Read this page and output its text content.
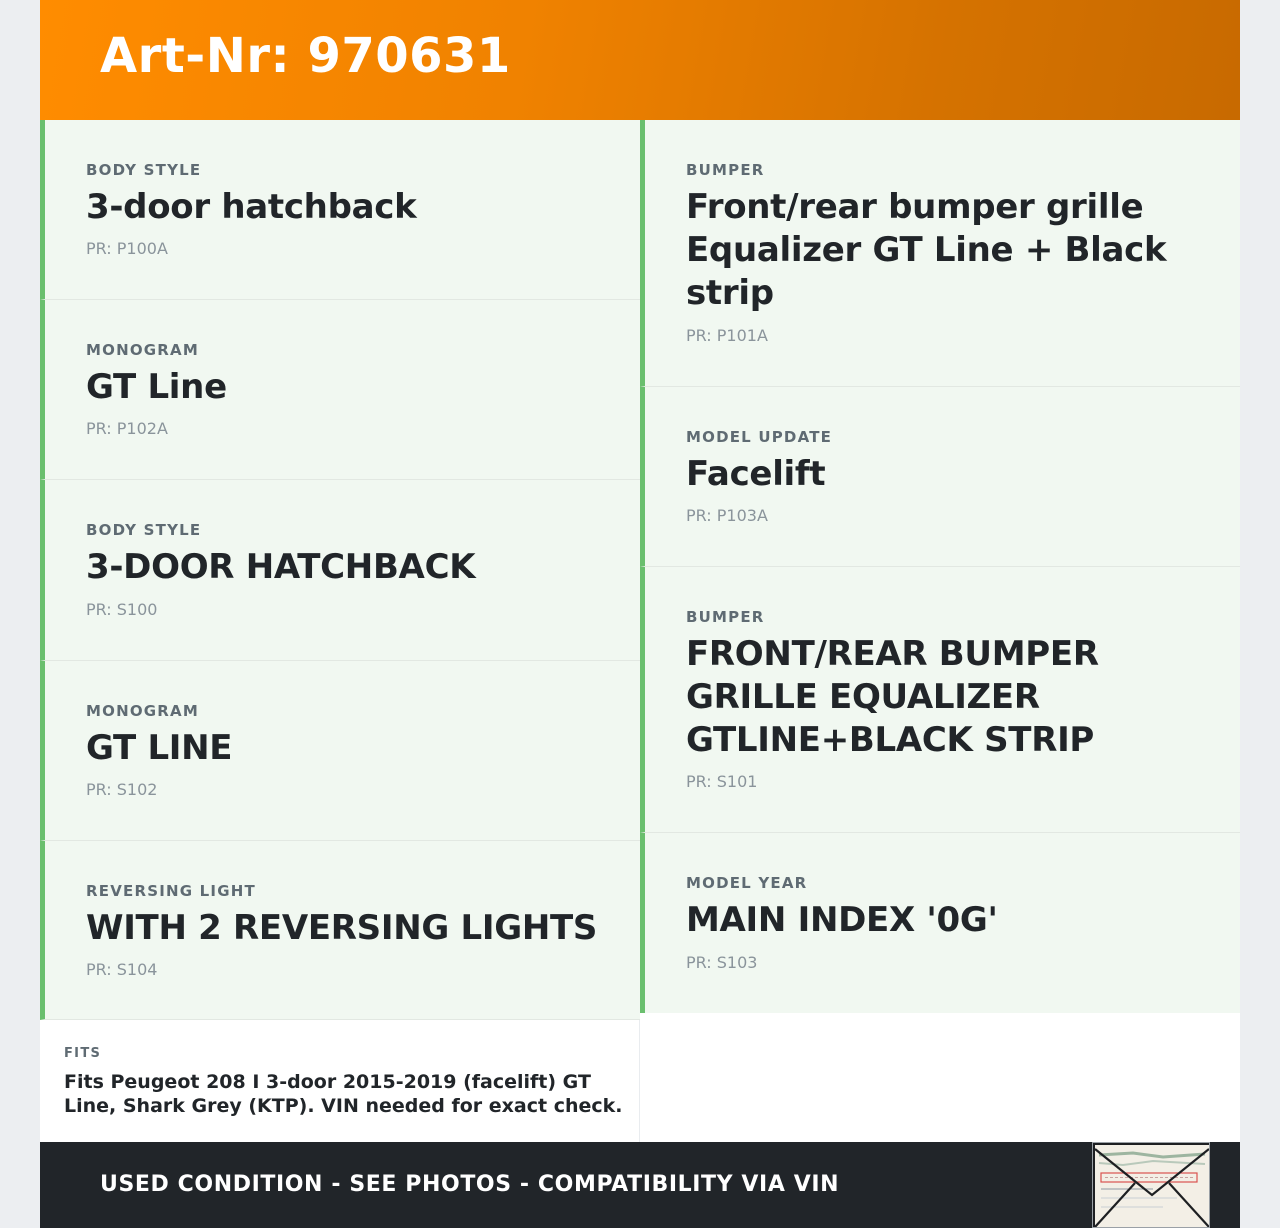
Art-Nr: 970631
BODY STYLE
3-door hatchback
PR: P100A
MONOGRAM
GT Line
PR: P102A
BODY STYLE
3-DOOR HATCHBACK
PR: S100
MONOGRAM
GT LINE
PR: S102
REVERSING LIGHT
WITH 2 REVERSING LIGHTS
PR: S104
BUMPER
Front/rear bumper grille Equalizer GT Line + Black strip
PR: P101A
MODEL UPDATE
Facelift
PR: P103A
BUMPER
FRONT/REAR BUMPER GRILLE EQUALIZER GTLINE+BLACK STRIP
PR: S101
MODEL YEAR
MAIN INDEX '0G'
PR: S103
FITS
Fits Peugeot 208 I 3-door 2015-2019 (facelift) GT Line, Shark Grey (KTP). VIN needed for exact check.
USED CONDITION - SEE PHOTOS - COMPATIBILITY VIA VIN
